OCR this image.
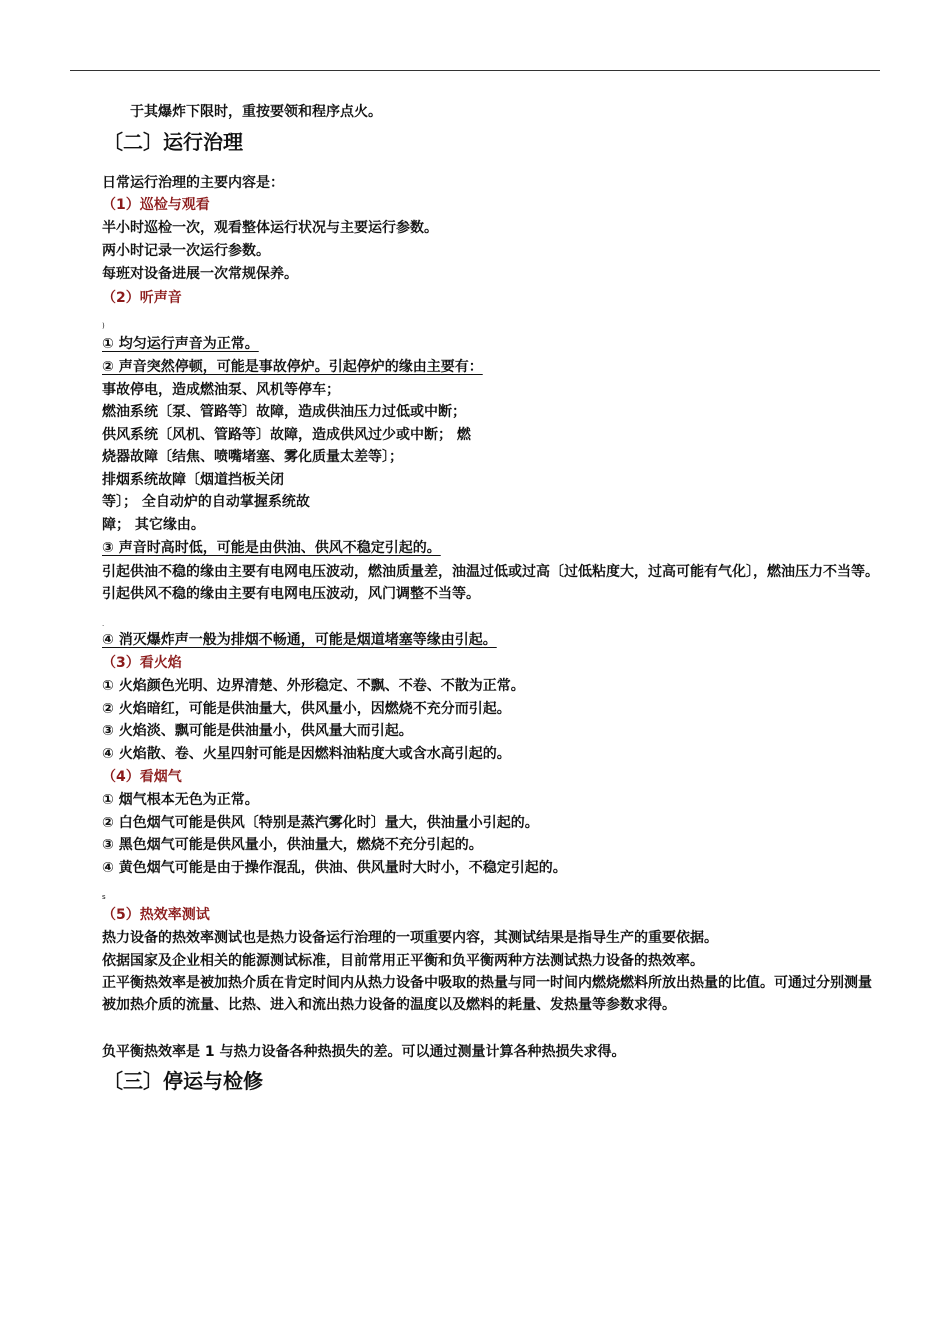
于其爆炸下限时，重按要领和程序点火。
〔二〕运行治理
日常运行治理的主要内容是：
（1）巡检与观看
半小时巡检一次，观看整体运行状况与主要运行参数。
两小时记录一次运行参数。
每班对设备进展一次常规保养。
（2）听声音
)
① 均匀运行声音为正常。
② 声音突然停顿，可能是事故停炉。引起停炉的缘由主要有：
事故停电，造成燃油泵、风机等停车；
燃油系统〔泵、管路等〕故障，造成供油压力过低或中断；
供风系统〔风机、管路等〕故障，造成供风过少或中断； 燃
烧器故障〔结焦、喷嘴堵塞、雾化质量太差等〕；
排烟系统故障〔烟道挡板关闭
等〕； 全自动炉的自动掌握系统故
障； 其它缘由。
③ 声音时高时低，可能是由供油、供风不稳定引起的。
引起供油不稳的缘由主要有电网电压波动，燃油质量差，油温过低或过高〔过低粘度大，过高可能有气化〕，燃油压力不当等。引起供风不稳的缘由主要有电网电压波动，风门调整不当等。
.
④ 消灭爆炸声一般为排烟不畅通，可能是烟道堵塞等缘由引起。
（3）看火焰
① 火焰颜色光明、边界清楚、外形稳定、不飘、不卷、不散为正常。
② 火焰暗红，可能是供油量大，供风量小，因燃烧不充分而引起。
③ 火焰淡、飘可能是供油量小，供风量大而引起。
④ 火焰散、卷、火星四射可能是因燃料油粘度大或含水高引起的。
（4）看烟气
① 烟气根本无色为正常。
② 白色烟气可能是供风〔特别是蒸汽雾化时〕量大，供油量小引起的。
③ 黑色烟气可能是供风量小，供油量大，燃烧不充分引起的。
④ 黄色烟气可能是由于操作混乱，供油、供风量时大时小，不稳定引起的。
s
（5）热效率测试
热力设备的热效率测试也是热力设备运行治理的一项重要内容，其测试结果是指导生产的重要依据。
依据国家及企业相关的能源测试标准，目前常用正平衡和负平衡两种方法测试热力设备的热效率。
正平衡热效率是被加热介质在肯定时间内从热力设备中吸取的热量与同一时间内燃烧燃料所放出热量的比值。可通过分别测量被加热介质的流量、比热、进入和流出热力设备的温度以及燃料的耗量、发热量等参数求得。
负平衡热效率是 1 与热力设备各种热损失的差。可以通过测量计算各种热损失求得。
〔三〕停运与检修
